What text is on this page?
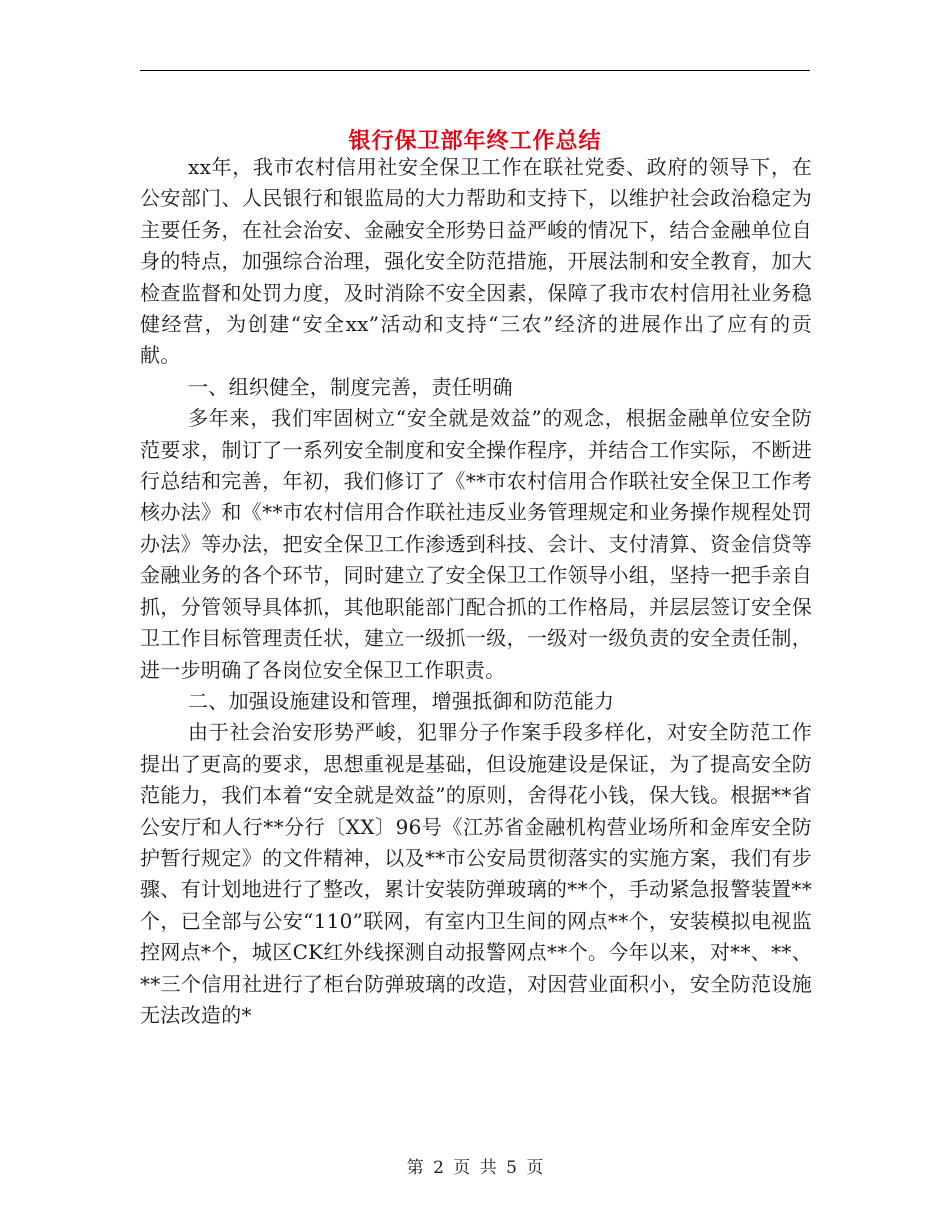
银行保卫部年终工作总结

xx年，我市农村信用社安全保卫工作在联社党委、政府的领导下，在公安部门、人民银行和银监局的大力帮助和支持下，以维护社会政治稳定为主要任务，在社会治安、金融安全形势日益严峻的情况下，结合金融单位自身的特点，加强综合治理，强化安全防范措施，开展法制和安全教育，加大检查监督和处罚力度，及时消除不安全因素，保障了我市农村信用社业务稳健经营，为创建“安全xx”活动和支持“三农”经济的进展作出了应有的贡献。

一、组织健全，制度完善，责任明确

多年来，我们牢固树立“安全就是效益”的观念，根据金融单位安全防范要求，制订了一系列安全制度和安全操作程序，并结合工作实际，不断进行总结和完善，年初，我们修订了《**市农村信用合作联社安全保卫工作考核办法》和《**市农村信用合作联社违反业务管理规定和业务操作规程处罚办法》等办法，把安全保卫工作渗透到科技、会计、支付清算、资金信贷等金融业务的各个环节，同时建立了安全保卫工作领导小组，坚持一把手亲自抓，分管领导具体抓，其他职能部门配合抓的工作格局，并层层签订安全保卫工作目标管理责任状，建立一级抓一级，一级对一级负责的安全责任制，进一步明确了各岗位安全保卫工作职责。

二、加强设施建设和管理，增强抵御和防范能力

由于社会治安形势严峻，犯罪分子作案手段多样化，对安全防范工作提出了更高的要求，思想重视是基础，但设施建设是保证，为了提高安全防范能力，我们本着“安全就是效益”的原则，舍得花小钱，保大钱。根据**省公安厅和人行**分行〔XX〕96号《江苏省金融机构营业场所和金库安全防护暂行规定》的文件精神，以及**市公安局贯彻落实的实施方案，我们有步骤、有计划地进行了整改，累计安装防弹玻璃的**个，手动紧急报警装置**个，已全部与公安“110”联网，有室内卫生间的网点**个，安装模拟电视监控网点*个，城区CK红外线探测自动报警网点**个。今年以来，对**、**、**三个信用社进行了柜台防弹玻璃的改造，对因营业面积小，安全防范设施无法改造的*

第 2 页 共 5 页
